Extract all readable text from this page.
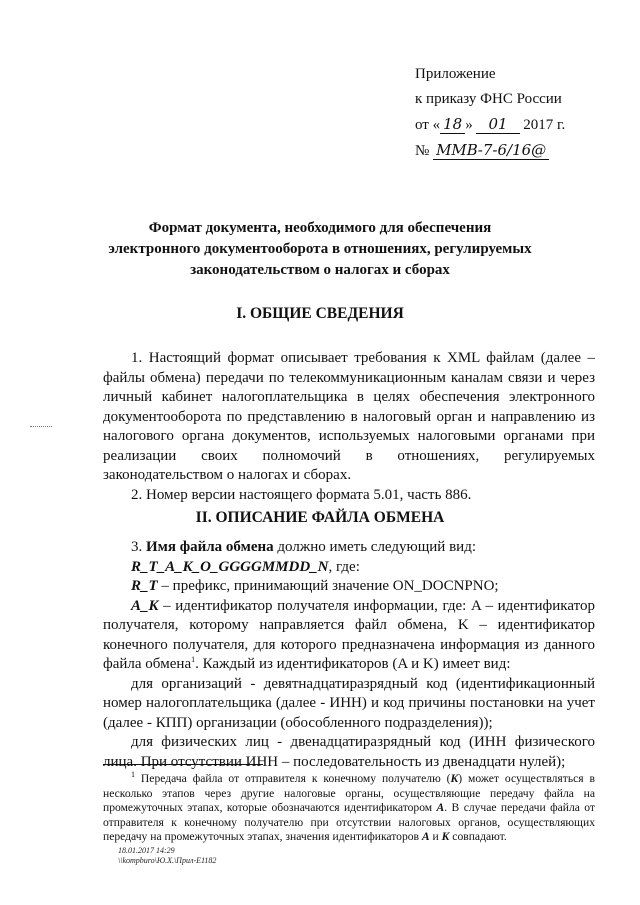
Приложение
к приказу ФНС России
от « 18 » 01 2017 г.
№ ММВ-7-6/16@
Формат документа, необходимого для обеспечения
электронного документооборота в отношениях, регулируемых
законодательством о налогах и сборах
I. ОБЩИЕ СВЕДЕНИЯ

1. Настоящий формат описывает требования к XML файлам (далее – файлы обмена) передачи по телекоммуникационным каналам связи и через личный кабинет налогоплательщика в целях обеспечения электронного документооборота по представлению в налоговый орган и направлению из налогового органа документов, используемых налоговыми органами при реализации своих полномочий в отношениях, регулируемых законодательством о налогах и сборах.

2. Номер версии настоящего формата 5.01, часть 886.

II. ОПИСАНИЕ ФАЙЛА ОБМЕНА

3. Имя файла обмена должно иметь следующий вид:

R_T_A_K_O_GGGGMMDD_N, где:

R_T – префикс, принимающий значение ON_DOCNPNO;

A_K – идентификатор получателя информации, где: A – идентификатор получателя, которому направляется файл обмена, K – идентификатор конечного получателя, для которого предназначена информация из данного файла обмена$^1$. Каждый из идентификаторов (A и K) имеет вид:

для организаций - девятнадцатиразрядный код (идентификационный номер налогоплательщика (далее - ИНН) и код причины постановки на учет (далее - КПП) организации (обособленного подразделения));

для физических лиц - двенадцатиразрядный код (ИНН физического лица. При отсутствии ИНН – последовательность из двенадцати нулей);

$^1$ Передача файла от отправителя к конечному получателю (K) может осуществляться в несколько этапов через другие налоговые органы, осуществляющие передачу файла на промежуточных этапах, которые обозначаются идентификатором A. В случае передачи файла от отправителя к конечному получателю при отсутствии налоговых органов, осуществляющих передачу на промежуточных этапах, значения идентификаторов A и K совпадают.

18.01.2017 14:29
\\kompburo\Ю.Х.\Прил-Е1182
